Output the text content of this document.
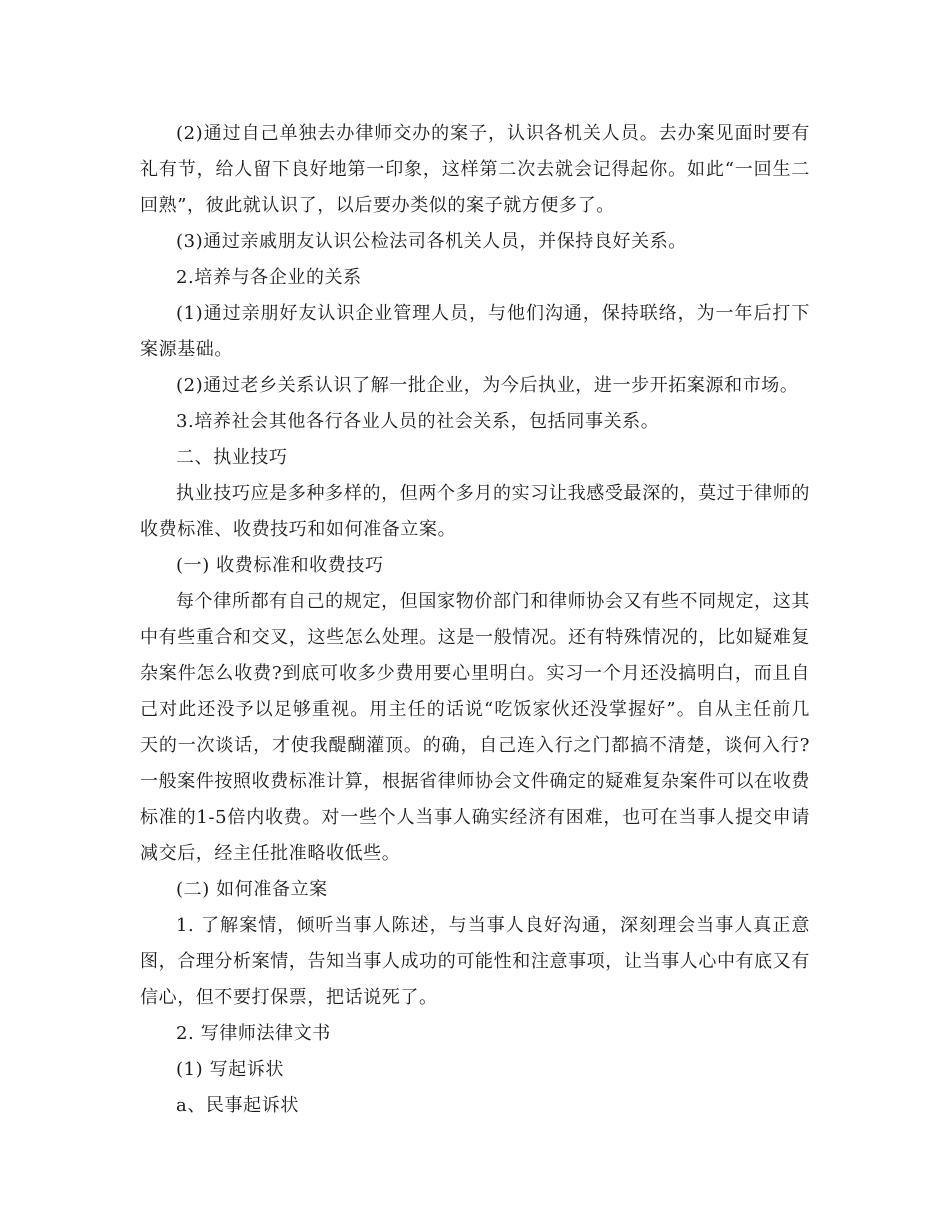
(2)通过自己单独去办律师交办的案子，认识各机关人员。去办案见面时要有礼有节，给人留下良好地第一印象，这样第二次去就会记得起你。如此“一回生二回熟”，彼此就认识了，以后要办类似的案子就方便多了。

(3)通过亲戚朋友认识公检法司各机关人员，并保持良好关系。

2.培养与各企业的关系

(1)通过亲朋好友认识企业管理人员，与他们沟通，保持联络，为一年后打下案源基础。

(2)通过老乡关系认识了解一批企业，为今后执业，进一步开拓案源和市场。

3.培养社会其他各行各业人员的社会关系，包括同事关系。

二、执业技巧

执业技巧应是多种多样的，但两个多月的实习让我感受最深的，莫过于律师的收费标准、收费技巧和如何准备立案。

(一) 收费标准和收费技巧

每个律所都有自己的规定，但国家物价部门和律师协会又有些不同规定，这其中有些重合和交叉，这些怎么处理。这是一般情况。还有特殊情况的，比如疑难复杂案件怎么收费?到底可收多少费用要心里明白。实习一个月还没搞明白，而且自己对此还没予以足够重视。用主任的话说“吃饭家伙还没掌握好”。自从主任前几天的一次谈话，才使我醍醐灌顶。的确，自己连入行之门都搞不清楚，谈何入行?一般案件按照收费标准计算，根据省律师协会文件确定的疑难复杂案件可以在收费标准的1-5倍内收费。对一些个人当事人确实经济有困难，也可在当事人提交申请减交后，经主任批准略收低些。

(二) 如何准备立案

1. 了解案情，倾听当事人陈述，与当事人良好沟通，深刻理会当事人真正意图，合理分析案情，告知当事人成功的可能性和注意事项，让当事人心中有底又有信心，但不要打保票，把话说死了。

2. 写律师法律文书

(1) 写起诉状

a、民事起诉状
